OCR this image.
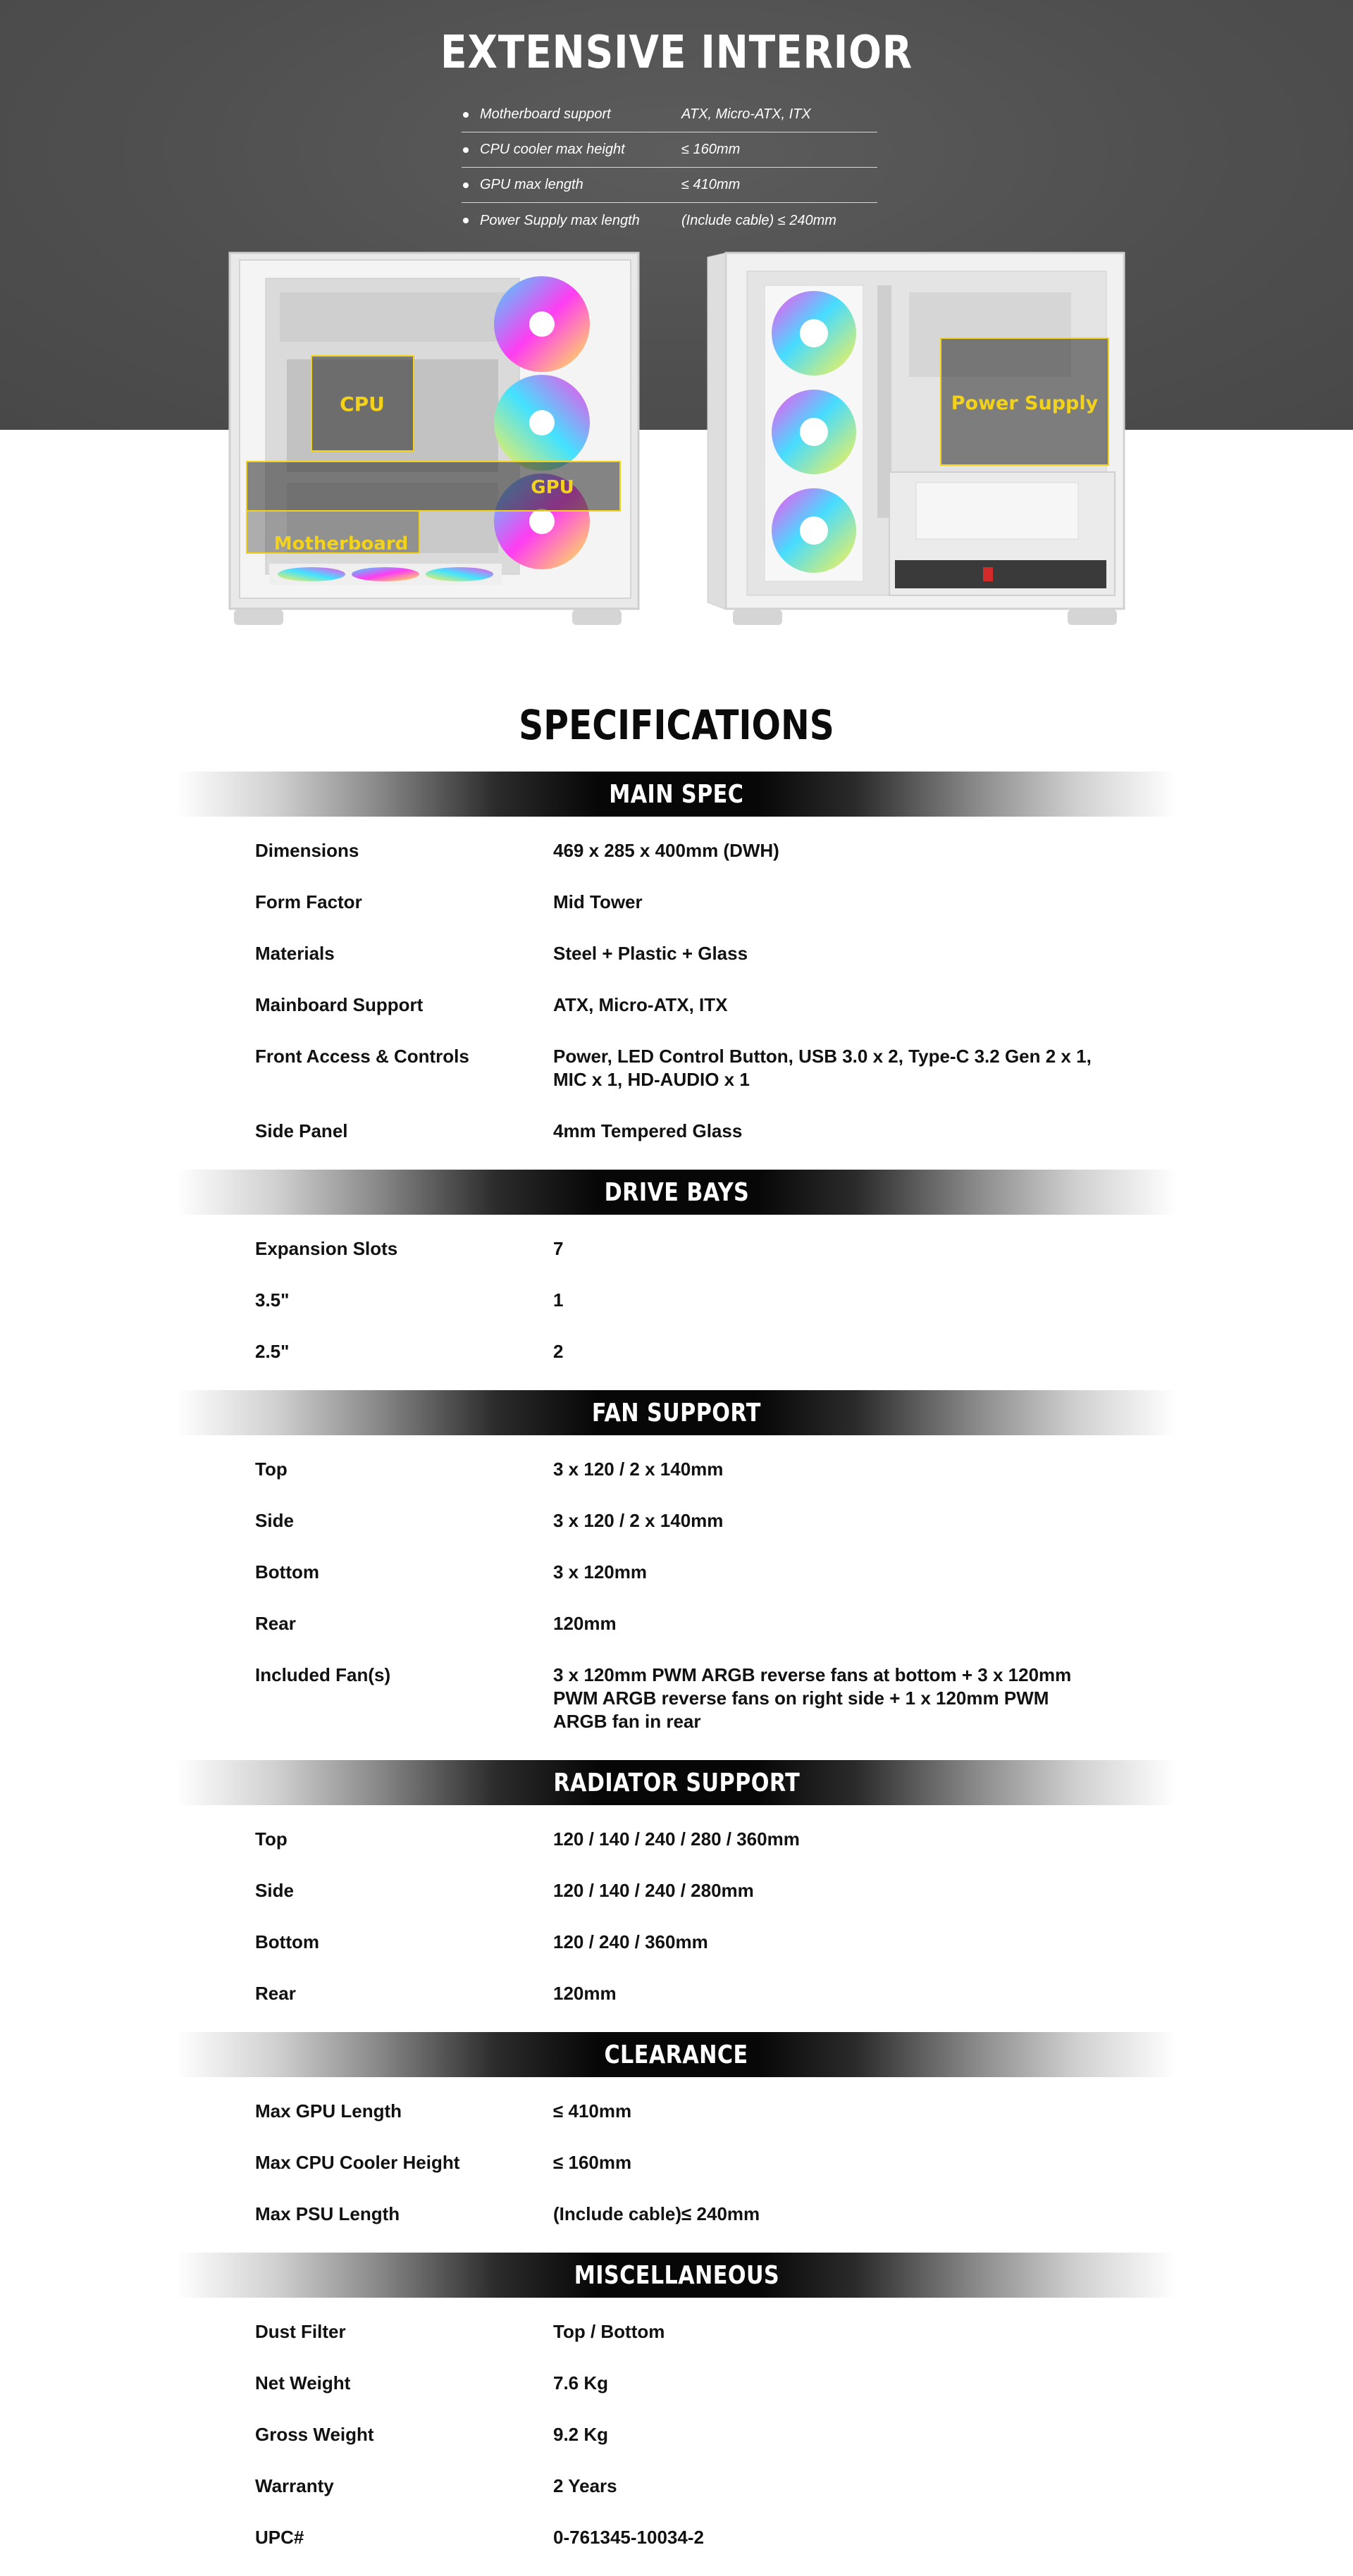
EXTENSIVE INTERIOR
Motherboard support	ATX, Micro-ATX, ITX
CPU cooler max height	≤ 160mm
GPU max length	≤ 410mm
Power Supply max length	(Include cable) ≤ 240mm
CPU
GPU
Motherboard
Power Supply
SPECIFICATIONS
MAIN SPEC
Dimensions	469 x 285 x 400mm (DWH)
Form Factor	Mid Tower
Materials	Steel + Plastic + Glass
Mainboard Support	ATX, Micro-ATX, ITX
Front Access & Controls	Power, LED Control Button, USB 3.0 x 2, Type-C 3.2 Gen 2 x 1, MIC x 1, HD-AUDIO x 1
Side Panel	4mm Tempered Glass
DRIVE BAYS
Expansion Slots	7
3.5"	1
2.5"	2
FAN SUPPORT
Top	3 x 120 / 2 x 140mm
Side	3 x 120 / 2 x 140mm
Bottom	3 x 120mm
Rear	120mm
Included Fan(s)	3 x 120mm PWM ARGB reverse fans at bottom + 3 x 120mm PWM ARGB reverse fans on right side + 1 x 120mm PWM ARGB fan in rear
RADIATOR SUPPORT
Top	120 / 140 / 240 / 280 / 360mm
Side	120 / 140 / 240 / 280mm
Bottom	120 / 240 / 360mm
Rear	120mm
CLEARANCE
Max GPU Length	≤ 410mm
Max CPU Cooler Height	≤ 160mm
Max PSU Length	(Include cable)≤ 240mm
MISCELLANEOUS
Dust Filter	Top / Bottom
Net Weight	7.6 Kg
Gross Weight	9.2 Kg
Warranty	2 Years
UPC#	0-761345-10034-2
